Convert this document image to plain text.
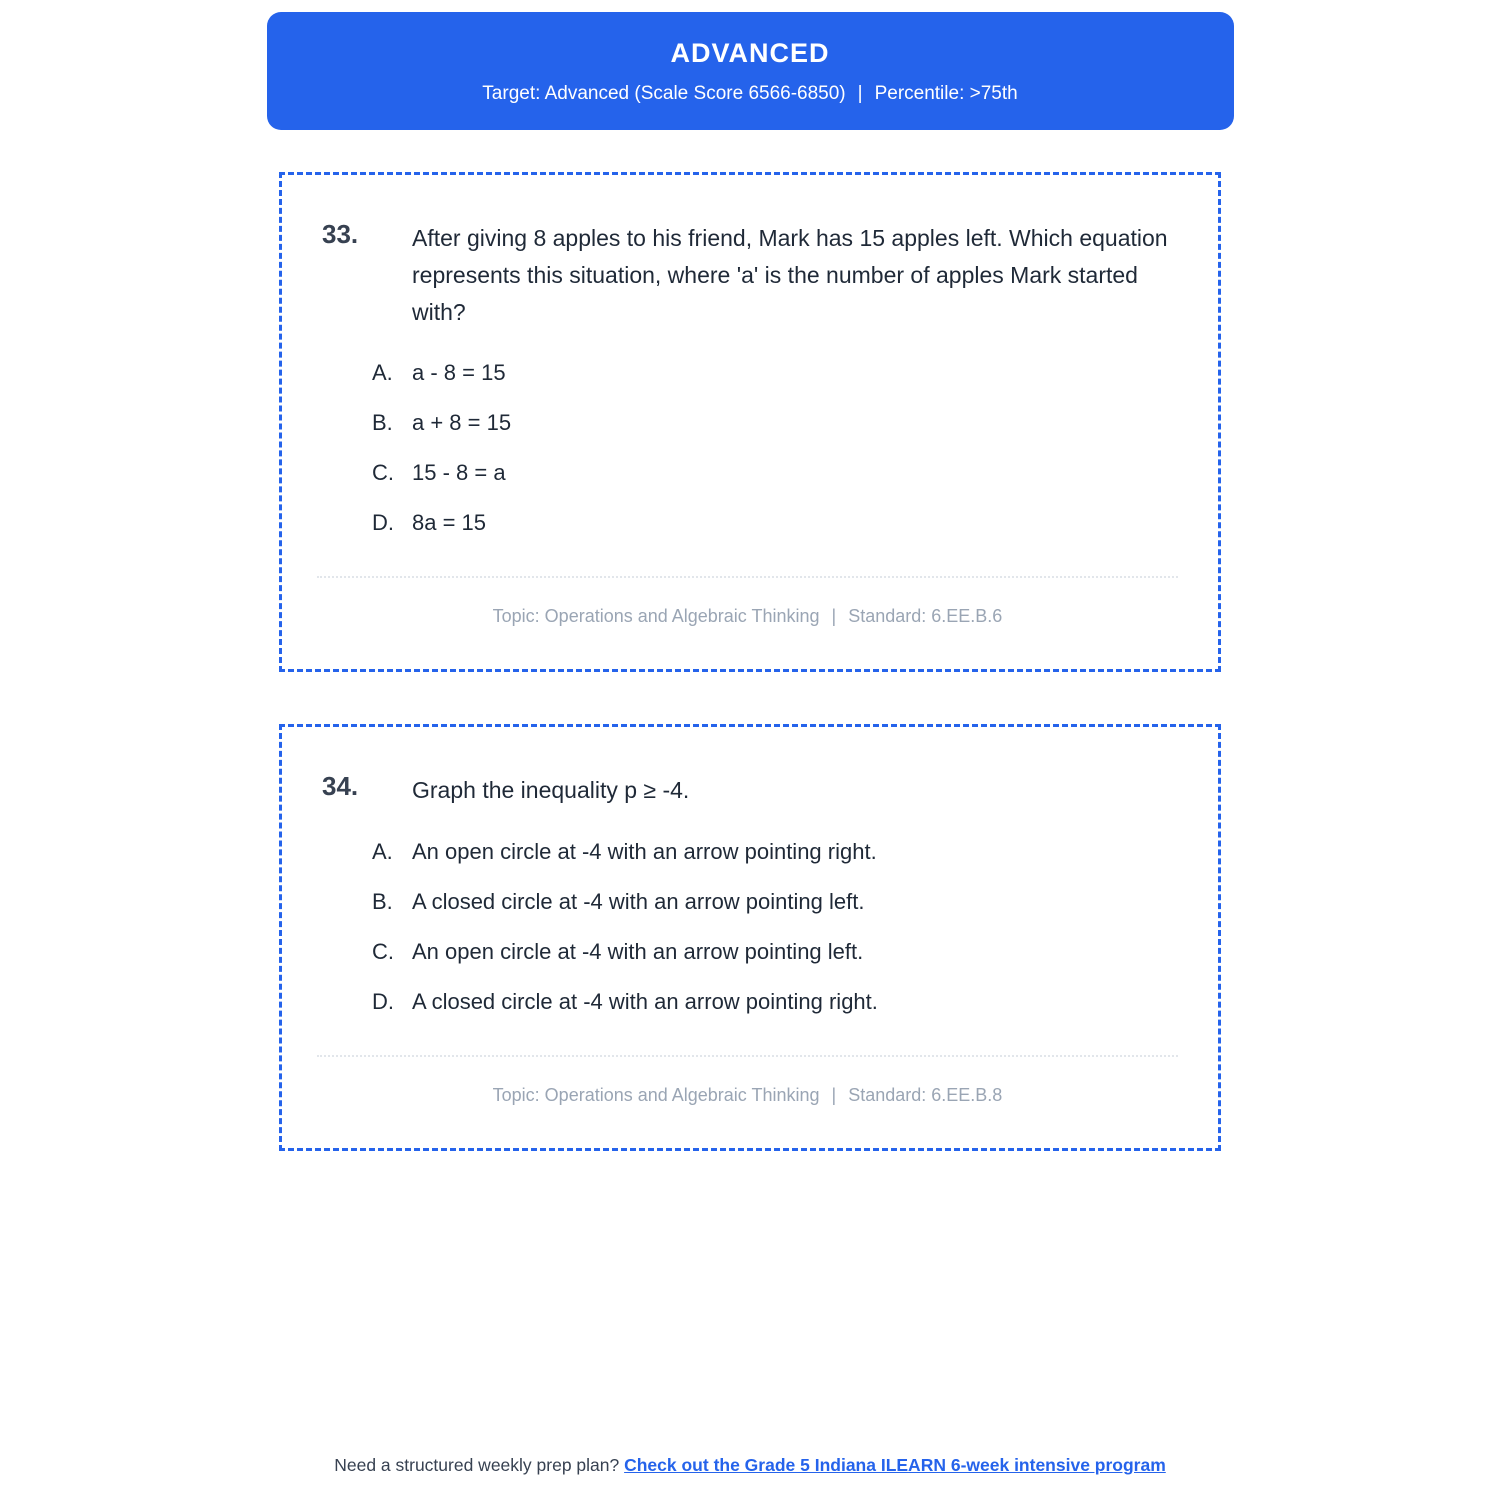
ADVANCED
Target: Advanced (Scale Score 6566-6850) | Percentile: >75th
33.	After giving 8 apples to his friend, Mark has 15 apples left. Which equation represents this situation, where 'a' is the number of apples Mark started with?
A. a - 8 = 15
B. a + 8 = 15
C. 15 - 8 = a
D. 8a = 15
Topic: Operations and Algebraic Thinking | Standard: 6.EE.B.6
34.	Graph the inequality p ≥ -4.
A. An open circle at -4 with an arrow pointing right.
B. A closed circle at -4 with an arrow pointing left.
C. An open circle at -4 with an arrow pointing left.
D. A closed circle at -4 with an arrow pointing right.
Topic: Operations and Algebraic Thinking | Standard: 6.EE.B.8
Need a structured weekly prep plan? Check out the Grade 5 Indiana ILEARN 6-week intensive program
